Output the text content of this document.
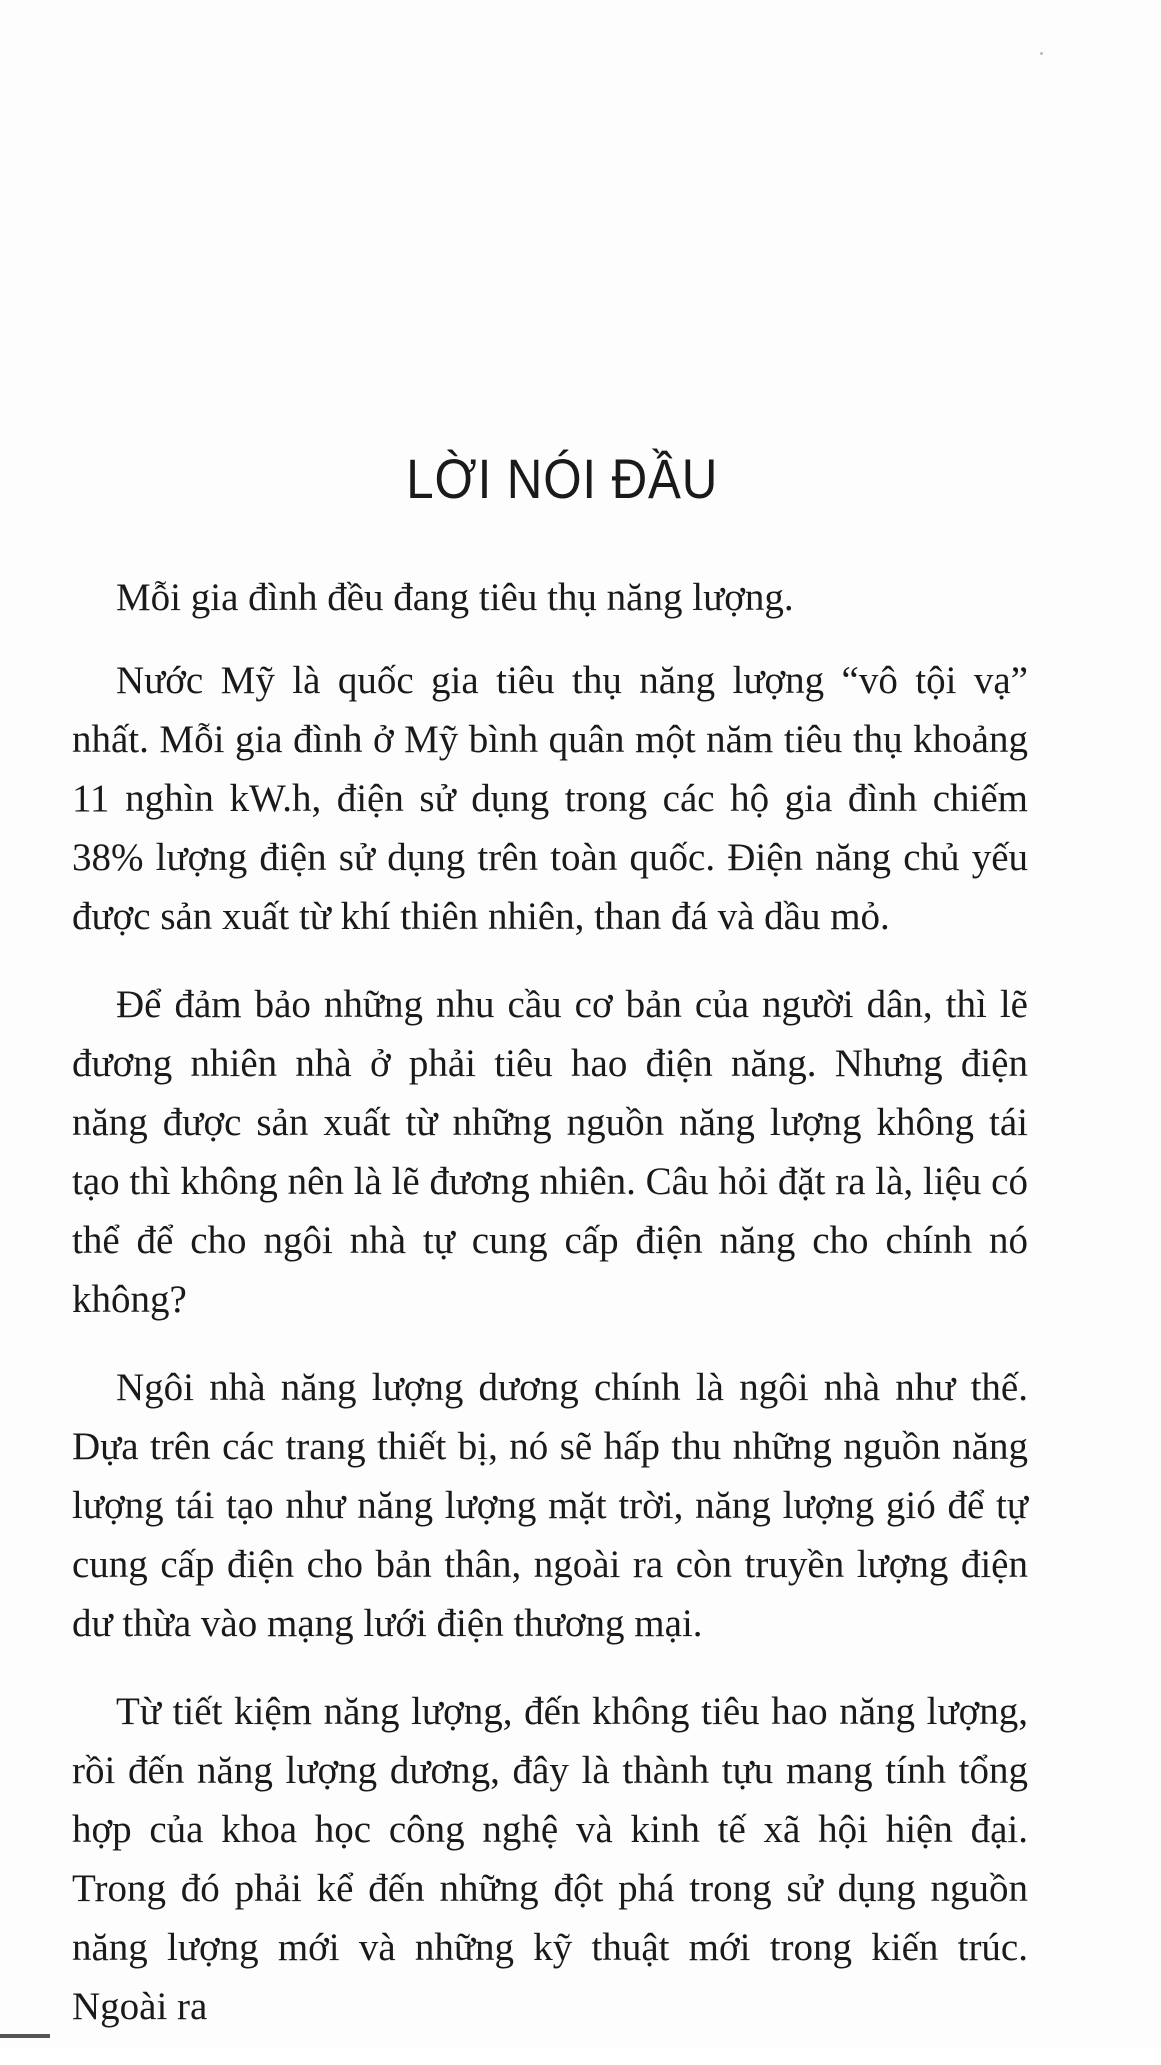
LỜI NÓI ĐẦU

Mỗi gia đình đều đang tiêu thụ năng lượng.

Nước Mỹ là quốc gia tiêu thụ năng lượng “vô tội vạ” nhất. Mỗi gia đình ở Mỹ bình quân một năm tiêu thụ khoảng 11 nghìn kW.h, điện sử dụng trong các hộ gia đình chiếm 38% lượng điện sử dụng trên toàn quốc. Điện năng chủ yếu được sản xuất từ khí thiên nhiên, than đá và dầu mỏ.

Để đảm bảo những nhu cầu cơ bản của người dân, thì lẽ đương nhiên nhà ở phải tiêu hao điện năng. Nhưng điện năng được sản xuất từ những nguồn năng lượng không tái tạo thì không nên là lẽ đương nhiên. Câu hỏi đặt ra là, liệu có thể để cho ngôi nhà tự cung cấp điện năng cho chính nó không?

Ngôi nhà năng lượng dương chính là ngôi nhà như thế. Dựa trên các trang thiết bị, nó sẽ hấp thu những nguồn năng lượng tái tạo như năng lượng mặt trời, năng lượng gió để tự cung cấp điện cho bản thân, ngoài ra còn truyền lượng điện dư thừa vào mạng lưới điện thương mại.

Từ tiết kiệm năng lượng, đến không tiêu hao năng lượng, rồi đến năng lượng dương, đây là thành tựu mang tính tổng hợp của khoa học công nghệ và kinh tế xã hội hiện đại. Trong đó phải kể đến những đột phá trong sử dụng nguồn năng lượng mới và những kỹ thuật mới trong kiến trúc. Ngoài ra
